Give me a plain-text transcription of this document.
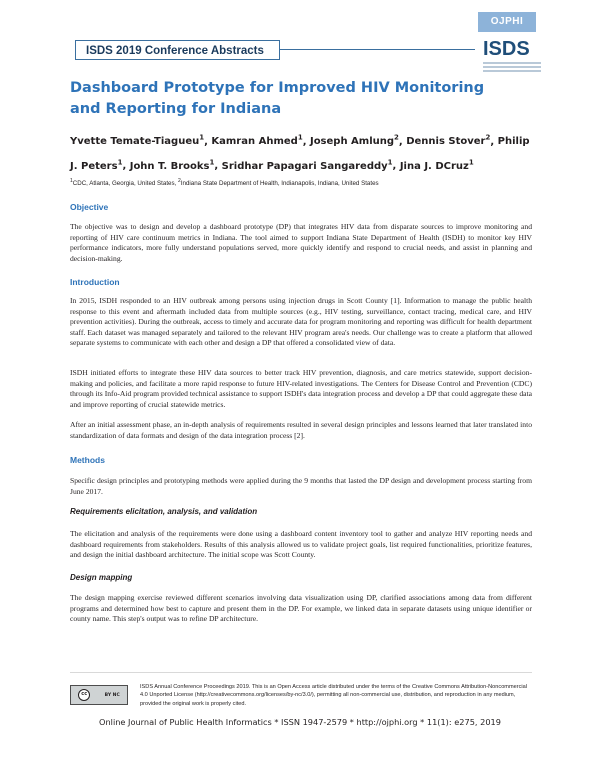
OJPHI
ISDS 2019 Conference Abstracts	ISDS
Dashboard Prototype for Improved HIV Monitoring and Reporting for Indiana
Yvette Temate-Tiagueu$^1$, Kamran Ahmed$^1$, Joseph Amlung$^2$, Dennis Stover$^2$, Philip J. Peters$^1$, John T. Brooks$^1$, Sridhar Papagari Sangareddy$^1$, Jina J. DCruz$^1$
$^1$CDC, Atlanta, Georgia, United States, $^2$Indiana State Department of Health, Indianapolis, Indiana, United States
Objective
The objective was to design and develop a dashboard prototype (DP) that integrates HIV data from disparate sources to improve monitoring and reporting of HIV care continuum metrics in Indiana. The tool aimed to support Indiana State Department of Health (ISDH) to monitor key HIV performance indicators, more fully understand populations served, more quickly identify and respond to crucial needs, and assist in planning and decision-making.
Introduction
In 2015, ISDH responded to an HIV outbreak among persons using injection drugs in Scott County [1]. Information to manage the public health response to this event and aftermath included data from multiple sources (e.g., HIV testing, surveillance, contact tracing, medical care, and HIV prevention activities). During the outbreak, access to timely and accurate data for program monitoring and reporting was difficult for health department staff. Each dataset was managed separately and tailored to the relevant HIV program area's needs. Our challenge was to create a platform that allowed separate systems to communicate with each other and design a DP that offered a consolidated view of data.
ISDH initiated efforts to integrate these HIV data sources to better track HIV prevention, diagnosis, and care metrics statewide, support decision-making and policies, and facilitate a more rapid response to future HIV-related investigations. The Centers for Disease Control and Prevention (CDC) through its Info-Aid program provided technical assistance to support ISDH's data integration process and develop a DP that could aggregate these data and improve reporting of crucial statewide metrics.
After an initial assessment phase, an in-depth analysis of requirements resulted in several design principles and lessons learned that later translated into standardization of data formats and design of the data integration process [2].
Methods
Specific design principles and prototyping methods were applied during the 9 months that lasted the DP design and development process starting from June 2017.
Requirements elicitation, analysis, and validation
The elicitation and analysis of the requirements were done using a dashboard content inventory tool to gather and analyze HIV reporting needs and dashboard requirements from stakeholders. Results of this analysis allowed us to validate project goals, list required functionalities, prioritize features, and design the initial dashboard architecture. The initial scope was Scott County.
Design mapping
The design mapping exercise reviewed different scenarios involving data visualization using DP, clarified associations among data from different programs and determined how best to capture and present them in the DP. For example, we linked data in separate datasets using unique identifier or county name. This step's output was to refine DP architecture.
cc	BY NC
ISDS Annual Conference Proceedings 2019. This is an Open Access article distributed under the terms of the Creative Commons Attribution-Noncommercial 4.0 Unported License (http://creativecommons.org/licenses/by-nc/3.0/), permitting all non-commercial use, distribution, and reproduction in any medium, provided the original work is properly cited.
Online Journal of Public Health Informatics * ISSN 1947-2579 * http://ojphi.org * 11(1): e275, 2019
